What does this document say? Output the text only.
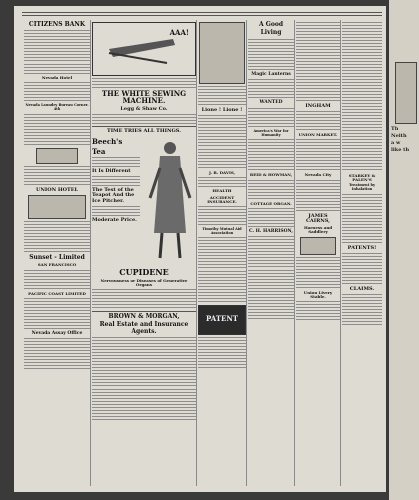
CITIZENS BANK
Nevada Hotel
Nevada Laundry Bureau Corner. 4th
UNION HOTEL
Sunset - Limited
SAN FRANCISCO
PACIFIC COAST LIMITED
Nevada Assay Office
AAA!
THE WHITE SEWING MACHINE.
Legg & Shaw Co.
TIME TRIES ALL THINGS.
Beech's
Tea
It Is Different
The Test of the Teapot And the Ice Pitcher.
Moderate Price.
CUPIDENE
Nervousness or Diseases of Generative Organs
BROWN & MORGAN,
Real Estate and Insurance Agents.
Lione ! Lione !
J. B. DAVIS,
HEALTH
ACCIDENT INSURANCE.
Timothy Mutual Aid Association
PATENT
A Good
Living
Magic Lanterns
WANTED
America's War for Humanity
REID & HOWMAN,
COTTAGE ORGAN.
C. H. HARRISON,
INGHAM
UNION MARKET.
Nevada City
JAMES CAIRNS,
Harness and Saddlery
Union Livery Stable.
STARKEY & PALEN'S
Treatment by Inhalation
PATENTS!
CLAIMS.
Th
Neith
a w
like th
